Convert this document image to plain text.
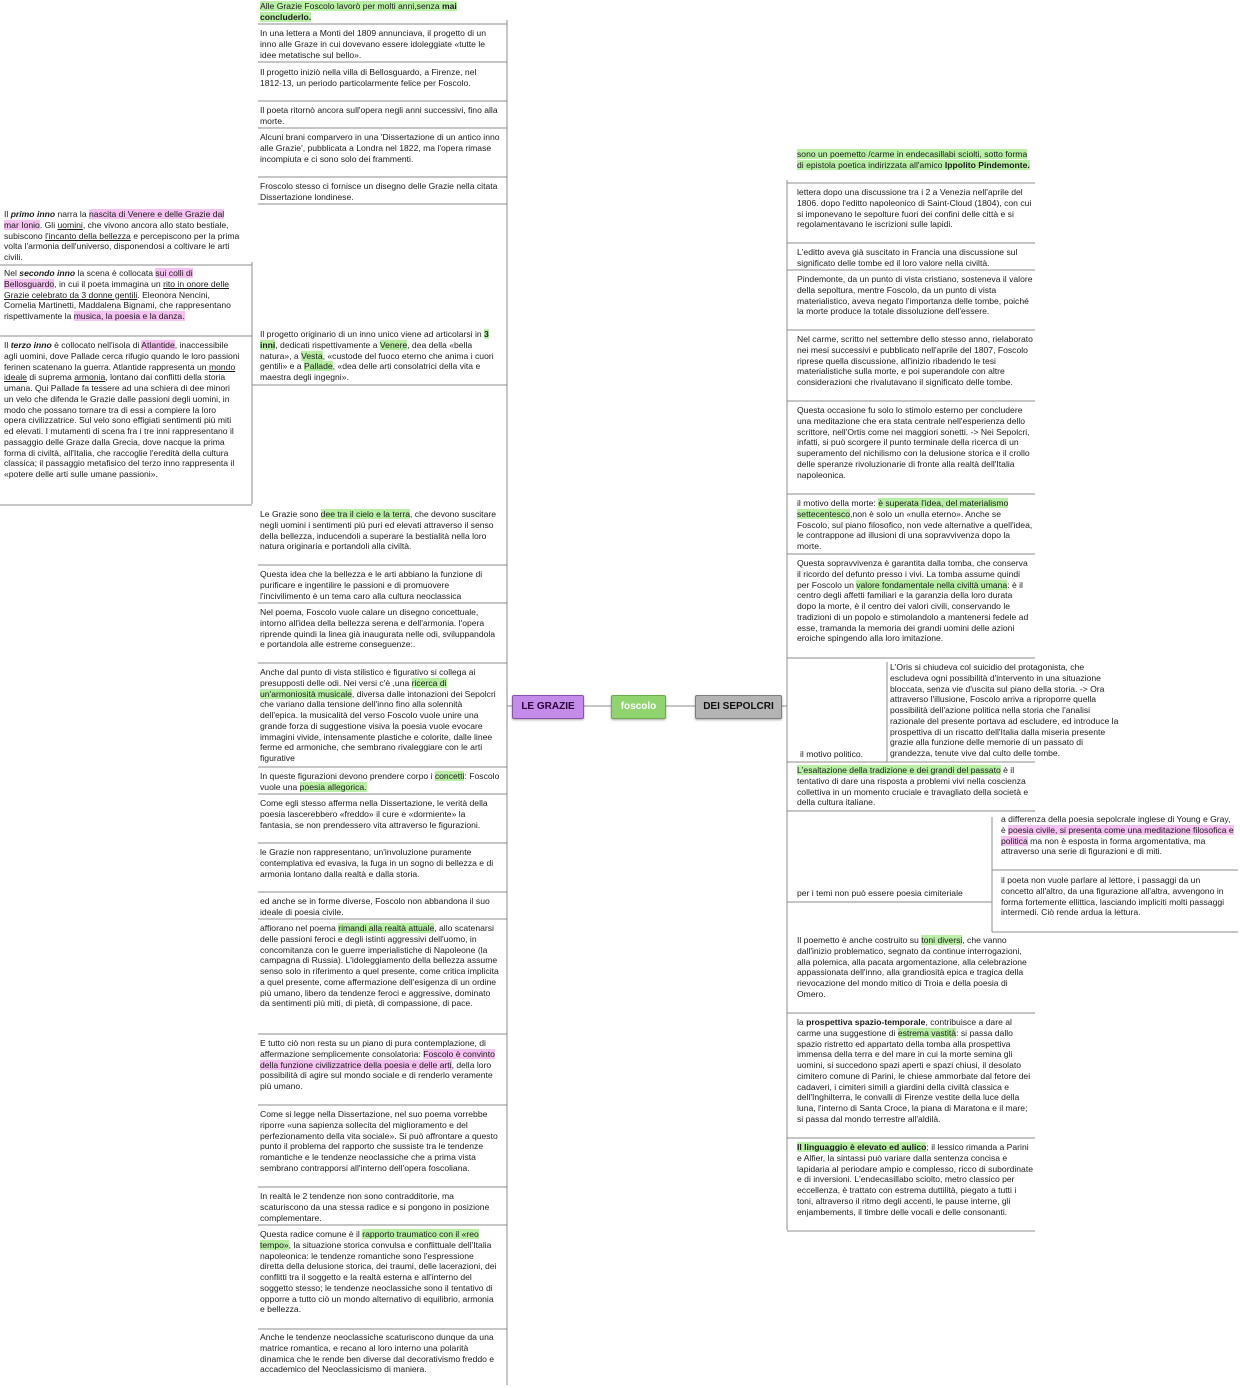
LE GRAZIE	foscolo	DEI SEPOLCRI
Alle Grazie Foscolo lavorò per molti anni,senza mai concluderlo.
In una lettera a Monti del 1809 annunciava, il progetto di un inno alle Graze in cui dovevano essere idoleggiate «tutte le idee metatische sul bello».
Il progetto iniziò nella villa di Bellosguardo, a Firenze, nel 1812-13, un periodo particolarmente felice per Foscolo.
Il poeta ritornò ancora sull'opera negli anni successivi, fino alla morte.
Alcuni brani comparvero in una 'Dissertazione di un antico inno alle Grazie', pubblicata a Londra nel 1822, ma l'opera rimase incompiuta e ci sono solo dei frammenti.
Froscolo stesso ci fornisce un disegno delle Grazie nella citata Dissertazione londinese.
Il progetto originario di un inno unico viene ad articolarsi in 3 inni, dedicati rispettivamente a Venere, dea della «bella natura», a Vesta, «custode del fuoco eterno che anima i cuori gentili» e a Pallade, «dea delle arti consolatrici della vita e maestra degli ingegni».
Le Grazie sono dee tra il cielo e la terra, che devono suscitare negli uomini i sentimenti più puri ed elevati attraverso il senso della bellezza, inducendoli a superare la bestialità nella loro natura originaria e portandoli alla civiltà.
Questa idea che la bellezza e le arti abbiano la funzione di purificare e ingentilire le passioni e di promuovere l'incivilimento è un tema caro alla cultura neoclassica
Nel poema, Foscolo vuole calare un disegno concettuale, intorno all'idea della bellezza serena e dell'armonia. l'opera riprende quindi la linea già inaugurata nelle odi, sviluppandola e portandola alle estreme conseguenze:.
Anche dal punto di vista stilistico e figurativo si collega ai presupposti delle odi. Nei versi c'è ,una ricerca di un'armoniosità musicale, diversa dalle intonazioni dei Sepolcri che variano dalla tensione dell'inno fino alla solennità dell'epica. la musicalità del verso Foscolo vuole unire una grande forza di suggestione visiva la poesia vuole evocare immagini vivide, intensamente plastiche e colorite, dalle linee ferme ed armoniche, che sembrano rivaleggiare con le arti figurative
In queste figurazioni devono prendere corpo i concetti: Foscolo vuole una poesia allegorica.
Come egli stesso afferma nella Dissertazione, le verità della poesia lascerebbero «freddo» il cure e «dormiente» la fantasia, se non prendessero vita attraverso le figurazioni.
le Grazie non rappresentano, un'involuzione puramente contemplativa ed evasiva, la fuga in un sogno di bellezza e di armonia lontano dalla realtà e dalla storia.
ed anche se in forme diverse, Foscolo non abbandona il suo ideale di poesia civile.
affiorano nel poema rimandi alla realtà attuale, allo scatenarsi delle passioni feroci e degli istinti aggressivi dell'uomo, in concomitanza con le guerre imperialistiche di Napoleone (la campagna di Russia). L'idoleggiamento della bellezza assume senso solo in riferimento a quel presente, come critica implicita a quel presente, come affermazione dell'esigenza di un ordine più umano, libero da tendenze feroci e aggressive, dominato da sentimenti più miti, di pietà, di compassione, di pace.
E tutto ciò non resta su un piano di pura contemplazione, di affermazione semplicemente consolatoria: Foscolo è convinto della funzione civilizzatrice della poesia e delle arti, della loro possibilità di agire sul mondo sociale e di renderlo veramente più umano.
Come si legge nella Dissertazione, nel suo poema vorrebbe riporre «una sapienza sollecita del miglioramento e del perfezionamento della vita sociale». Si può affrontare a questo punto il problema del rapporto che sussiste tra le tendenze romantiche e le tendenze neoclassiche che a prima vista sembrano contrapporsi all'interno dell'opera foscoliana.
In realtà le 2 tendenze non sono contradditorie, ma scaturiscono da una stessa radice e si pongono in posizione complementare.
Questa radice comune è il rapporto traumatico con il «reo tempo», la situazione storica convulsa e conflittuale dell'Italia napoleonica: le tendenze romantiche sono l'espressione diretta della delusione storica, dei traumi, delle lacerazioni, dei conflitti tra il soggetto e la realtà esterna e all'interno del soggetto stesso; le tendenze neoclassiche sono il tentativo di opporre a tutto ciò un mondo alternativo di equilibrio, armonia e bellezza.
Anche le tendenze neoclassiche scaturiscono dunque da una matrice romantica, e recano al loro interno una polarità dinamica che le rende ben diverse dal decorativismo freddo e accademico del Neoclassicismo di maniera.
Il primo inno narra la nascita di Venere e delle Grazie dal mar Ionio. Gli uomini, che vivono ancora allo stato bestiale, subiscono l'incanto della bellezza e percepiscono per la prima volta l'armonia dell'universo, disponendosi a coltivare le arti civili.
Nel secondo inno la scena è collocata sui colli di Bellosguardo, in cui il poeta immagina un rito in onore delle Grazie celebrato da 3 donne gentili. Eleonora Nencini, Cornelia Martinetti, Maddalena Bignami, che rappresentano rispettivamente la musica, la poesia e la danza.
Il terzo inno è collocato nell'isola di Atlantide, inaccessibile agli uomini, dove Pallade cerca rifugio quando le loro passioni ferinen scatenano la guerra. Atlantide rappresenta un mondo ideale di suprema armonia, lontano dai conflitti della storia umana. Qui Pallade fa tessere ad una schiera di dee minori un velo che difenda le Grazie dalle passioni degli uomini, in modo che possano tornare tra di essi a compiere la loro opera civilizzatrice. Sul velo sono effigiati sentimenti più miti ed elevati. I mutamenti di scena fra i tre inni rappresentano il passaggio delle Graze dalla Grecia, dove nacque la prima forma di civiltà, all'Italia, che raccoglie l'eredità della cultura classica; il passaggio metafisico del terzo inno rappresenta il «potere delle arti sulle umane passioni».
sono un poemetto /carme in endecasillabi sciolti, sotto forma di epistola poetica indirizzata all'amico Ippolito Pindemonte.
lettera dopo una discussione tra i 2 a Venezia nell'aprile del 1806. dopo l'editto napoleonico di Saint-Cloud (1804), con cui si imponevano le sepolture fuori dei confini delle città e si regolamentavano le iscrizioni sulle lapidi.
L'editto aveva già suscitato in Francia una discussione sul significato delle tombe ed il loro valore nella civiltà.
Pindemonte, da un punto di vista cristiano, sosteneva il valore della sepoltura, mentre Foscolo, da un punto di vista materialistico, aveva negato l'importanza delle tombe, poiché la morte produce la totale dissoluzione dell'essere.
Nel carme, scritto nel settembre dello stesso anno, rielaborato nei mesi successivi e pubblicato nell'aprile del 1807, Foscolo riprese quella discussione, all'inizio ribadendo le tesi materialistiche sulla morte, e poi superandole con altre considerazioni che rivalutavano il significato delle tombe.
Questa occasione fu solo lo stimolo esterno per concludere una meditazione che era stata centrale nell'esperienza dello scrittore, nell'Ortis come nei maggiori sonetti. -> Nei Sepolcri, infatti, si può scorgere il punto terminale della ricerca di un superamento del nichilismo con la delusione storica e il crollo delle speranze rivoluzionarie di fronte alla realtà dell'Italia napoleonica.
il motivo della morte: è superata l'idea, del materialismo settecentesco,non è solo un «nulla eterno». Anche se Foscolo, sul piano filosofico, non vede alternative a quell'idea, le contrappone ad illusioni di una sopravvivenza dopo la morte.
Questa sopravvivenza è garantita dalla tomba, che conserva il ricordo del defunto presso i vivi. La tomba assume quindi per Foscolo un valore fondamentale nella civiltà umana: è il centro degli affetti familiari e la garanzia della loro durata dopo la morte, è il centro dei valori civili, conservando le tradizioni di un popolo e stimolandolo a mantenersi fedele ad esse, tramanda la memoria dei grandi uomini delle azioni eroiche spingendo alla loro imitazione.
il motivo politico.
L'esaltazione della tradizione e dei grandi del passato è il tentativo di dare una risposta a problemi vivi nella coscienza collettiva in un momento cruciale e travagliato della società e della cultura italiane.
per i temi non può essere poesia cimiteriale
Il poemetto è anche costruito su toni diversi, che vanno dall'inizio problematico, segnato da continue interrogazioni, alla polemica, alla pacata argomentazione, alla celebrazione appassionata dell'inno, alla grandiosità epica e tragica della rievocazione del mondo mitico di Troia e della poesia di Omero.
la prospettiva spazio-temporale, contribuisce a dare al carme una suggestione di estrema vastità: si passa dallo spazio ristretto ed appartato della tomba alla prospettiva immensa della terra e del mare in cui la morte semina gli uomini, si succedono spazi aperti e spazi chiusi, il desolato cimitero comune di Parini, le chiese ammorbate dal fetore dei cadaveri, i cimiteri simili a giardini della civiltà classica e dell'Inghilterra, le convalli di Firenze vestite della luce della luna, l'interno di Santa Croce, la piana di Maratona e il mare; si passa dal mondo terrestre all'aldilà.
Il linguaggio è elevato ed aulico; il lessico rimanda a Parini e Alfier, la sintassi può variare dalla sentenza concisa e lapidaria al periodare ampio e complesso, ricco di subordinate e di inversioni. L'endecasillabo sciolto, metro classico per eccellenza, è trattato con estrema duttilità, piegato a tutti i toni, altraverso il ritmo degli accenti, le pause interne, gli enjambements, il timbre delle vocali e delle consonanti.
L'Oris si chiudeva col suicidio del protagonista, che escludeva ogni possibilità d'intervento in una situazione bloccata, senza vie d'uscita sul piano della storia. -> Ora attraverso l'illusione, Foscolo arriva a riproporre quella possibilità dell'azione politica nella storia che l'analisi razionale del presente portava ad escludere, ed introduce la prospettiva di un riscatto dell'Italia dalla miseria presente grazie alla funzione delle memorie di un passato di grandezza, tenute vive dal culto delle tombe.
a differenza della poesia sepolcrale inglese di Young e Gray, è poesia civile, si presenta come una meditazione filosofica e politica ma non è esposta in forma argomentativa, ma attraverso una serie di figurazioni e di miti.
il poeta non vuole parlare al lettore, i passaggi da un concetto all'altro, da una figurazione all'altra, avvengono in forma fortemente ellittica, lasciando impliciti molti passaggi intermedi. Ciò rende ardua la lettura.
